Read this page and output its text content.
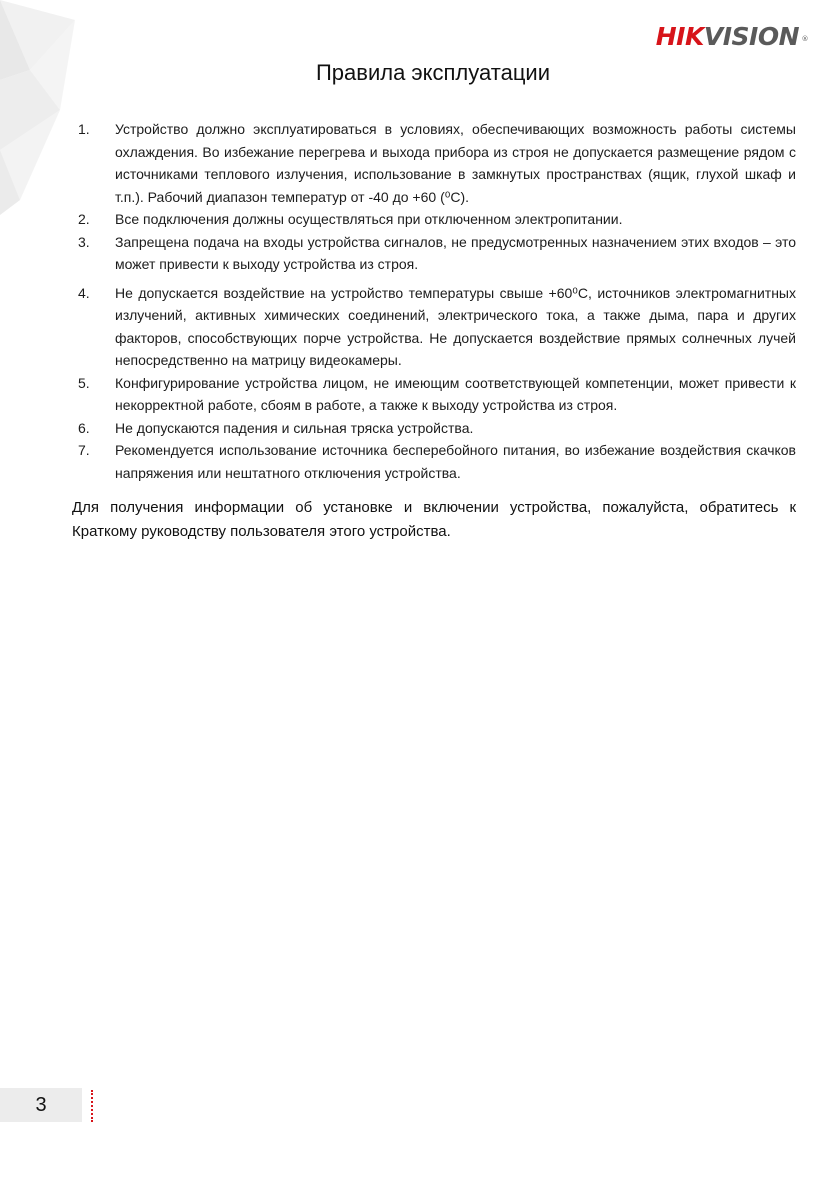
HIKVISION ®
Правила эксплуатации
1.	Устройство должно эксплуатироваться в условиях, обеспечивающих возможность работы системы охлаждения. Во избежание перегрева и выхода прибора из строя не допускается размещение рядом с источниками теплового излучения, использование в замкнутых пространствах (ящик, глухой шкаф и т.п.). Рабочий диапазон температур от -40 до +60 (⁰С).
2.	Все подключения должны осуществляться при отключенном электропитании.
3.	Запрещена подача на входы устройства сигналов, не предусмотренных назначением этих входов – это может привести к выходу устройства из строя.
4.	Не допускается воздействие на устройство температуры свыше +60⁰С, источников электромагнитных излучений, активных химических соединений, электрического тока, а также дыма, пара и других факторов, способствующих порче устройства. Не допускается воздействие прямых солнечных лучей непосредственно на матрицу видеокамеры.
5.	Конфигурирование устройства лицом, не имеющим соответствующей компетенции, может привести к некорректной работе, сбоям в работе, а также к выходу устройства из строя.
6.	Не допускаются падения и сильная тряска устройства.
7.	Рекомендуется использование источника бесперебойного питания, во избежание воздействия скачков напряжения или нештатного отключения устройства.

Для получения информации об установке и включении устройства, пожалуйста, обратитесь к Краткому руководству пользователя этого устройства.

3
